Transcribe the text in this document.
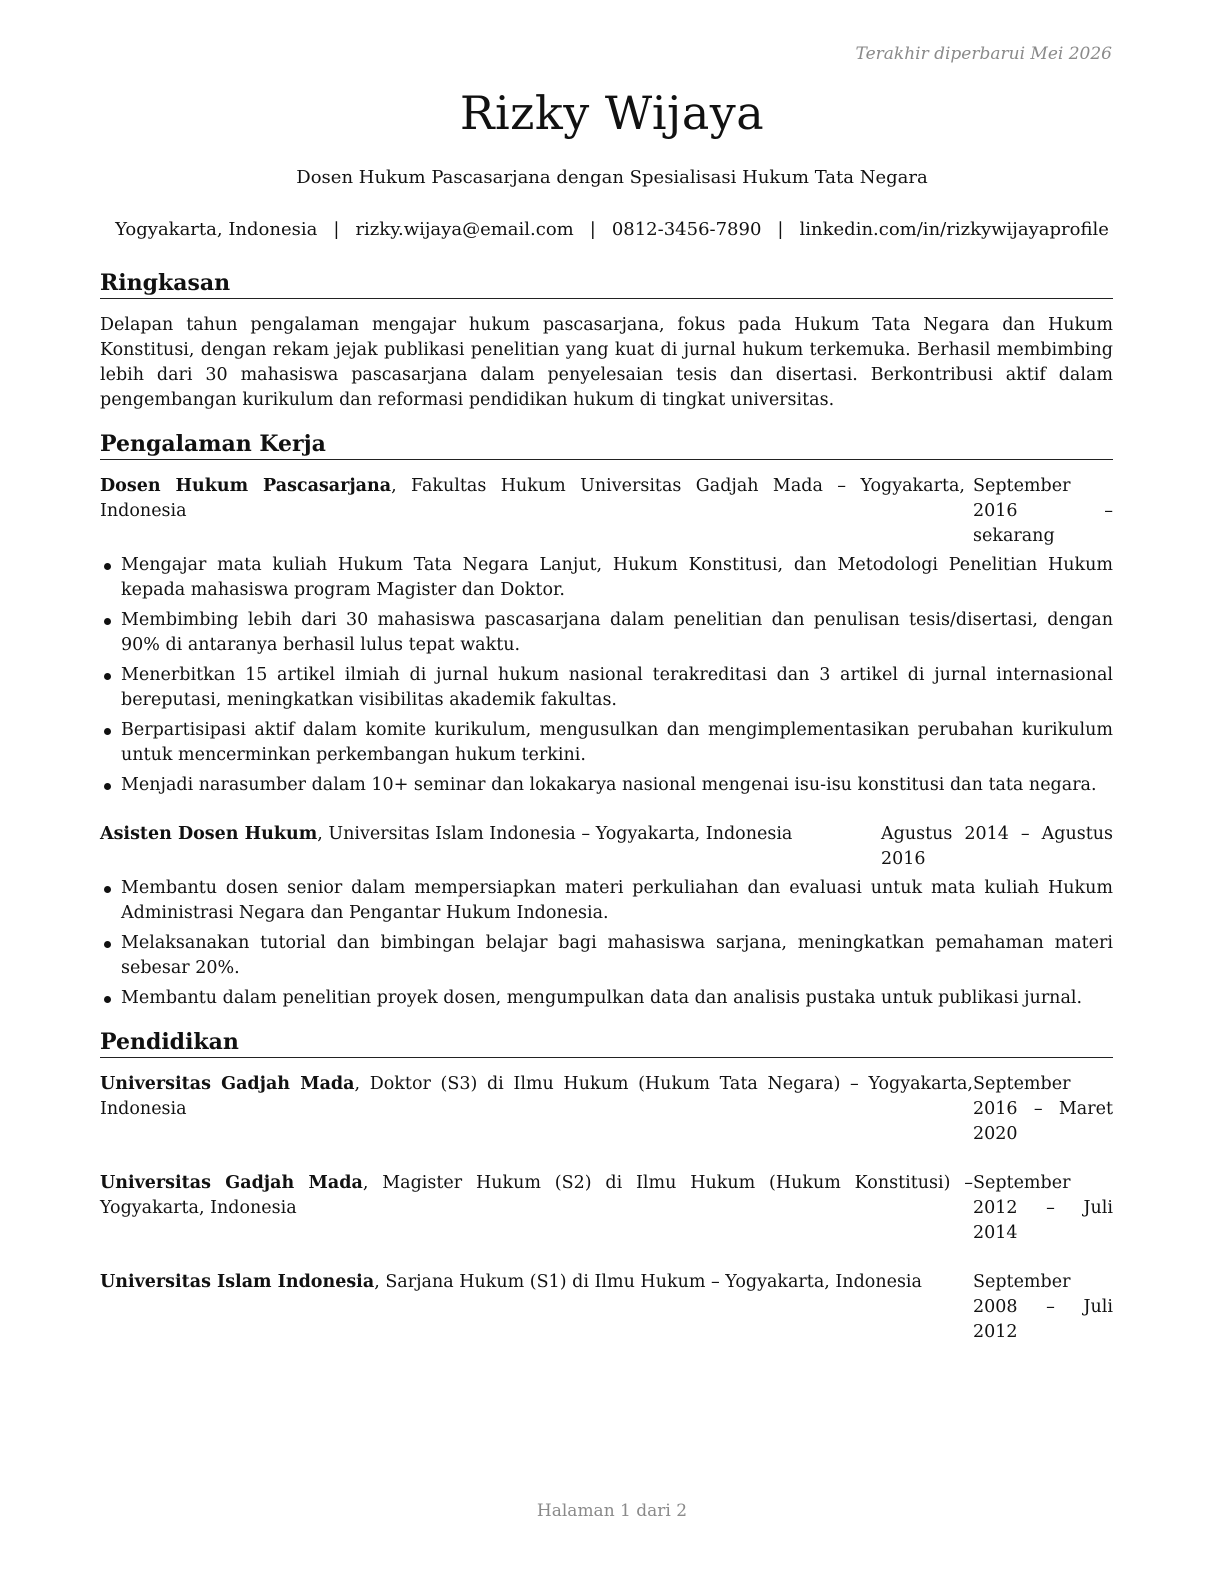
Terakhir diperbarui Mei 2026
Rizky Wijaya
Dosen Hukum Pascasarjana dengan Spesialisasi Hukum Tata Negara
Yogyakarta, Indonesia | rizky.wijaya@email.com | 0812-3456-7890 | linkedin.com/in/rizkywijayaprofile
Ringkasan

Delapan tahun pengalaman mengajar hukum pascasarjana, fokus pada Hukum Tata Negara dan Hukum Konstitusi, dengan rekam jejak publikasi penelitian yang kuat di jurnal hukum terkemuka. Berhasil membimbing lebih dari 30 mahasiswa pascasarjana dalam penyelesaian tesis dan disertasi. Berkontribusi aktif dalam pengembangan kurikulum dan reformasi pendidikan hukum di tingkat universitas.

Pengalaman Kerja
Dosen Hukum Pascasarjana, Fakultas Hukum Universitas Gadjah Mada – Yogyakarta, Indonesia
September 2016 – sekarang
Mengajar mata kuliah Hukum Tata Negara Lanjut, Hukum Konstitusi, dan Metodologi Penelitian Hukum kepada mahasiswa program Magister dan Doktor.
Membimbing lebih dari 30 mahasiswa pascasarjana dalam penelitian dan penulisan tesis/disertasi, dengan 90% di antaranya berhasil lulus tepat waktu.
Menerbitkan 15 artikel ilmiah di jurnal hukum nasional terakreditasi dan 3 artikel di jurnal internasional bereputasi, meningkatkan visibilitas akademik fakultas.
Berpartisipasi aktif dalam komite kurikulum, mengusulkan dan mengimplementasikan perubahan kurikulum untuk mencerminkan perkembangan hukum terkini.
Menjadi narasumber dalam 10+ seminar dan lokakarya nasional mengenai isu-isu konstitusi dan tata negara.
Asisten Dosen Hukum, Universitas Islam Indonesia – Yogyakarta, Indonesia	Agustus 2014 – Agustus 2016
Membantu dosen senior dalam mempersiapkan materi perkuliahan dan evaluasi untuk mata kuliah Hukum Administrasi Negara dan Pengantar Hukum Indonesia.
Melaksanakan tutorial dan bimbingan belajar bagi mahasiswa sarjana, meningkatkan pemahaman materi sebesar 20%.
Membantu dalam penelitian proyek dosen, mengumpulkan data dan analisis pustaka untuk publikasi jurnal.
Pendidikan
Universitas Gadjah Mada, Doktor (S3) di Ilmu Hukum (Hukum Tata Negara) – Yogyakarta, Indonesia
September 2016 – Maret 2020
Universitas Gadjah Mada, Magister Hukum (S2) di Ilmu Hukum (Hukum Konstitusi) – Yogyakarta, Indonesia
September 2012 – Juli 2014
Universitas Islam Indonesia, Sarjana Hukum (S1) di Ilmu Hukum – Yogyakarta, Indonesia	September 2008 – Juli 2012
Halaman 1 dari 2
